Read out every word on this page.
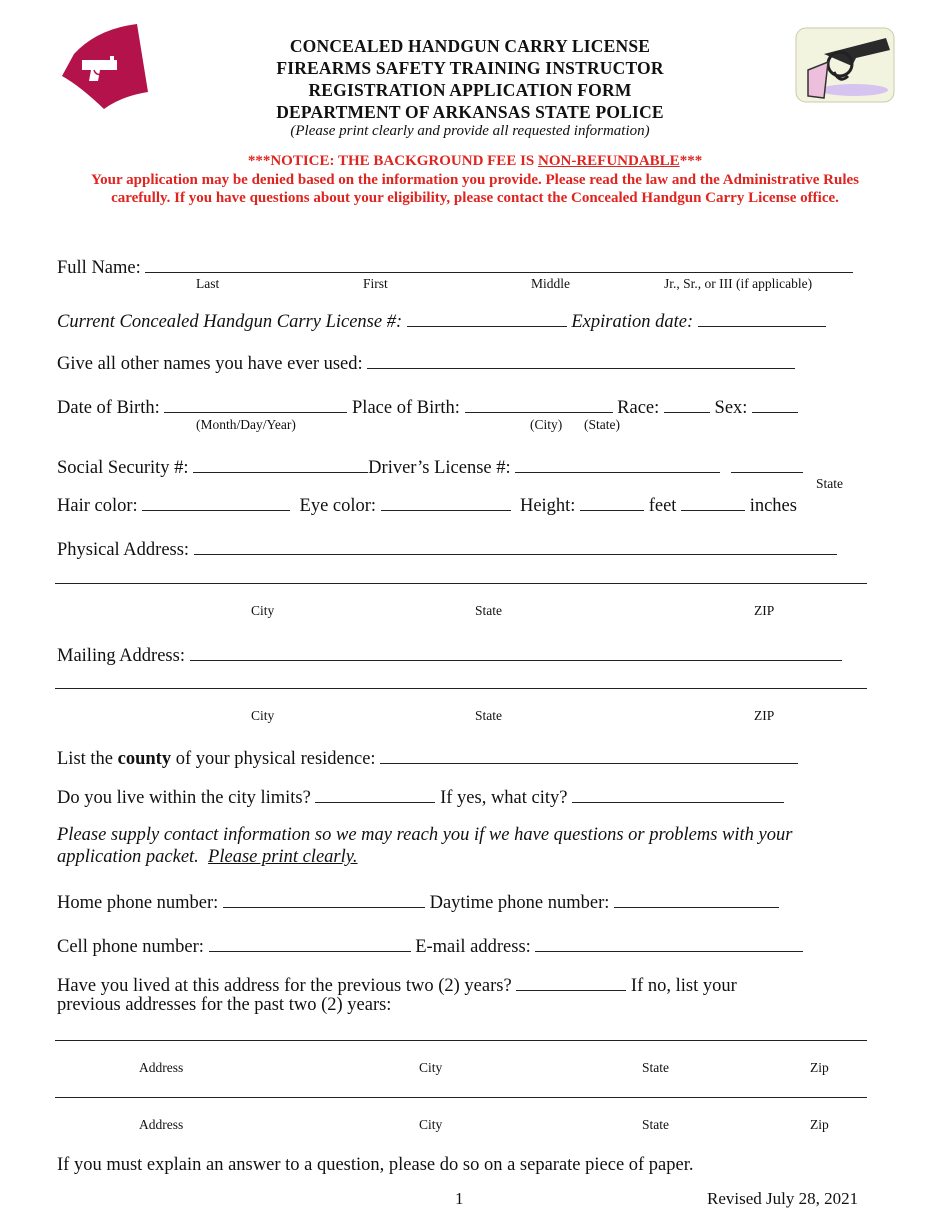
CONCEALED HANDGUN CARRY LICENSE
FIREARMS SAFETY TRAINING INSTRUCTOR
REGISTRATION APPLICATION FORM
DEPARTMENT OF ARKANSAS STATE POLICE
(Please print clearly and provide all requested information)
***NOTICE: THE BACKGROUND FEE IS NON-REFUNDABLE***
Your application may be denied based on the information you provide. Please read the law and the Administrative Rules carefully. If you have questions about your eligibility, please contact the Concealed Handgun Carry License office.
Full Name:
Last	First	Middle	Jr., Sr., or III (if applicable)
Current Concealed Handgun Carry License #:	Expiration date:
Give all other names you have ever used:
Date of Birth:	Place of Birth:	Race:	Sex:
(Month/Day/Year)	(City) (State)
Social Security #:	Driver’s License #:
State
Hair color:	Eye color:	Height:	feet	inches
Physical Address:
City	State	ZIP
Mailing Address:
City	State	ZIP
List the county of your physical residence:
Do you live within the city limits?	If yes, what city?
Please supply contact information so we may reach you if we have questions or problems with your application packet. Please print clearly.
Home phone number:	Daytime phone number:
Cell phone number:	E-mail address:
Have you lived at this address for the previous two (2) years?	If no, list your
previous addresses for the past two (2) years:
Address	City	State	Zip
Address	City	State	Zip
If you must explain an answer to a question, please do so on a separate piece of paper.
1	Revised July 28, 2021
